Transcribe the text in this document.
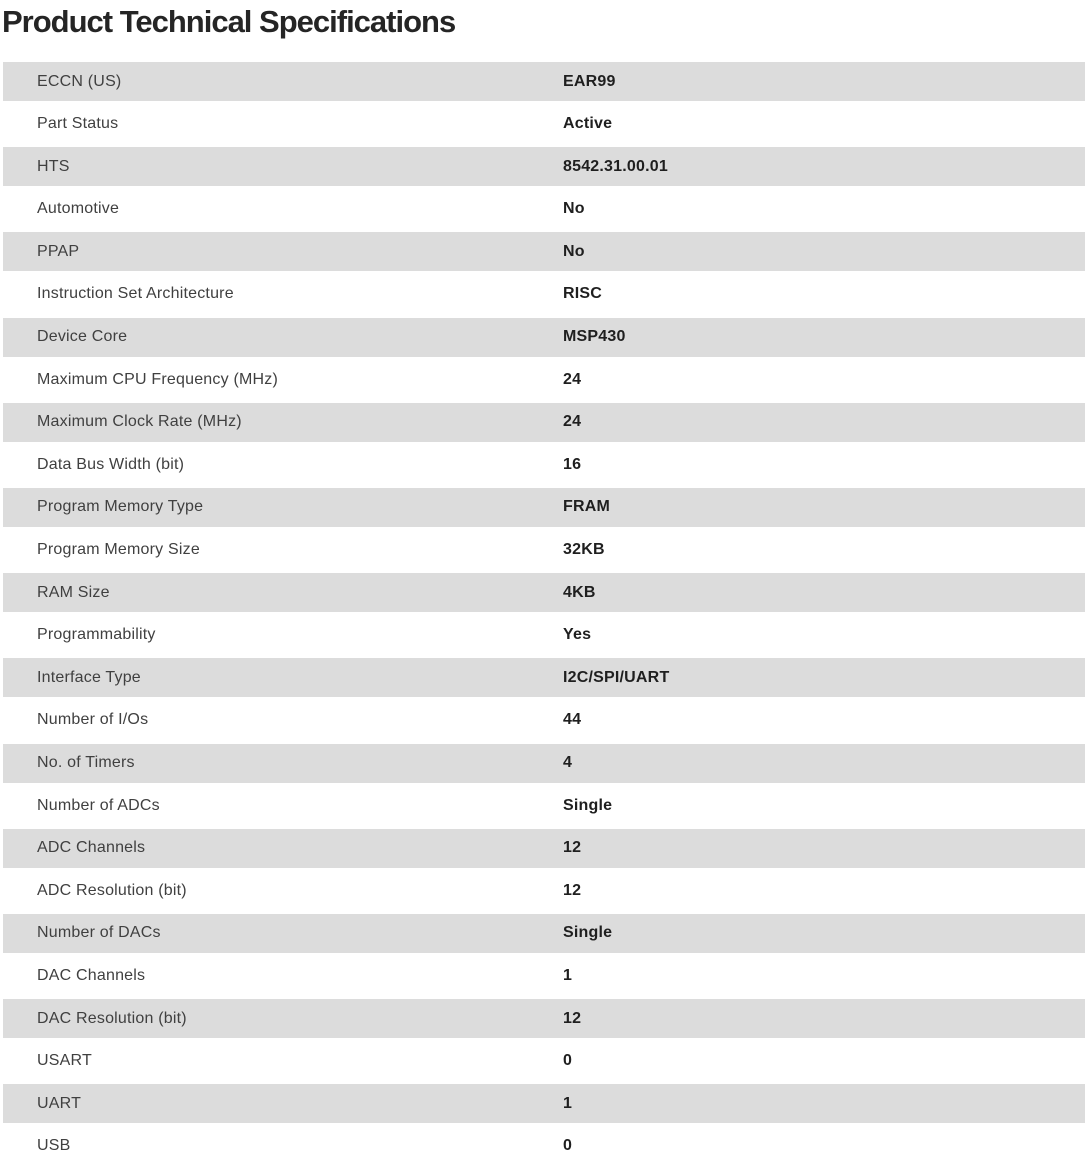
Product Technical Specifications
ECCN (US)	EAR99
Part Status	Active
HTS	8542.31.00.01
Automotive	No
PPAP	No
Instruction Set Architecture	RISC
Device Core	MSP430
Maximum CPU Frequency (MHz)	24
Maximum Clock Rate (MHz)	24
Data Bus Width (bit)	16
Program Memory Type	FRAM
Program Memory Size	32KB
RAM Size	4KB
Programmability	Yes
Interface Type	I2C/SPI/UART
Number of I/Os	44
No. of Timers	4
Number of ADCs	Single
ADC Channels	12
ADC Resolution (bit)	12
Number of DACs	Single
DAC Channels	1
DAC Resolution (bit)	12
USART	0
UART	1
USB	0
